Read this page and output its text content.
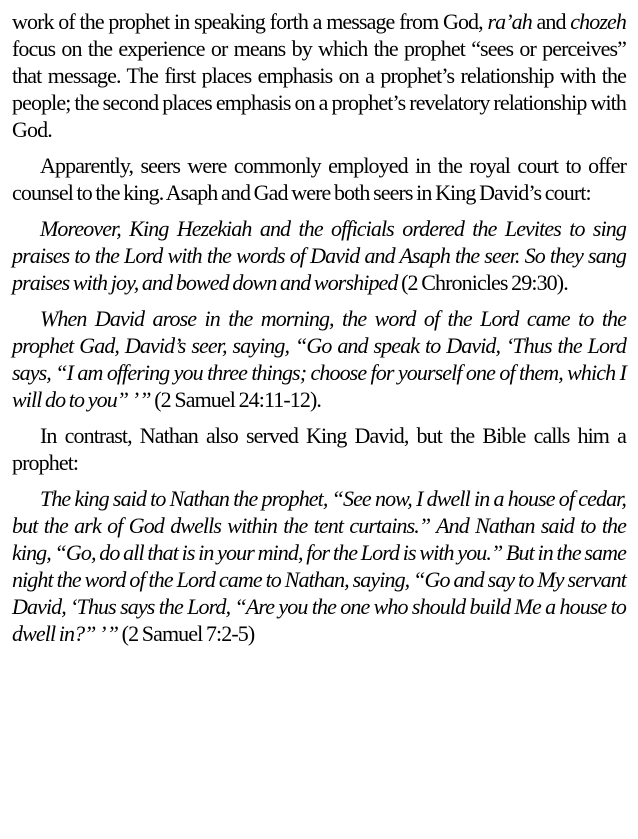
work of the prophet in speaking forth a message from God, ra’ah and chozeh focus on the experience or means by which the prophet “sees or perceives” that message. The first places emphasis on a prophet’s relationship with the people; the second places emphasis on a prophet’s revelatory relationship with God.

Apparently, seers were commonly employed in the royal court to offer counsel to the king. Asaph and Gad were both seers in King David’s court:

Moreover, King Hezekiah and the officials ordered the Levites to sing praises to the Lord with the words of David and Asaph the seer. So they sang praises with joy, and bowed down and worshiped (2 Chronicles 29:30).

When David arose in the morning, the word of the Lord came to the prophet Gad, David’s seer, saying, “Go and speak to David, ‘Thus the Lord says, “I am offering you three things; choose for yourself one of them, which I will do to you” ’ ” (2 Samuel 24:11-12).

In contrast, Nathan also served King David, but the Bible calls him a prophet:

The king said to Nathan the prophet, “See now, I dwell in a house of cedar, but the ark of God dwells within the tent curtains.” And Nathan said to the king, “Go, do all that is in your mind, for the Lord is with you.” But in the same night the word of the Lord came to Nathan, saying, “Go and say to My servant David, ‘Thus says the Lord, “Are you the one who should build Me a house to dwell in?” ’ ” (2 Samuel 7:2-5)
